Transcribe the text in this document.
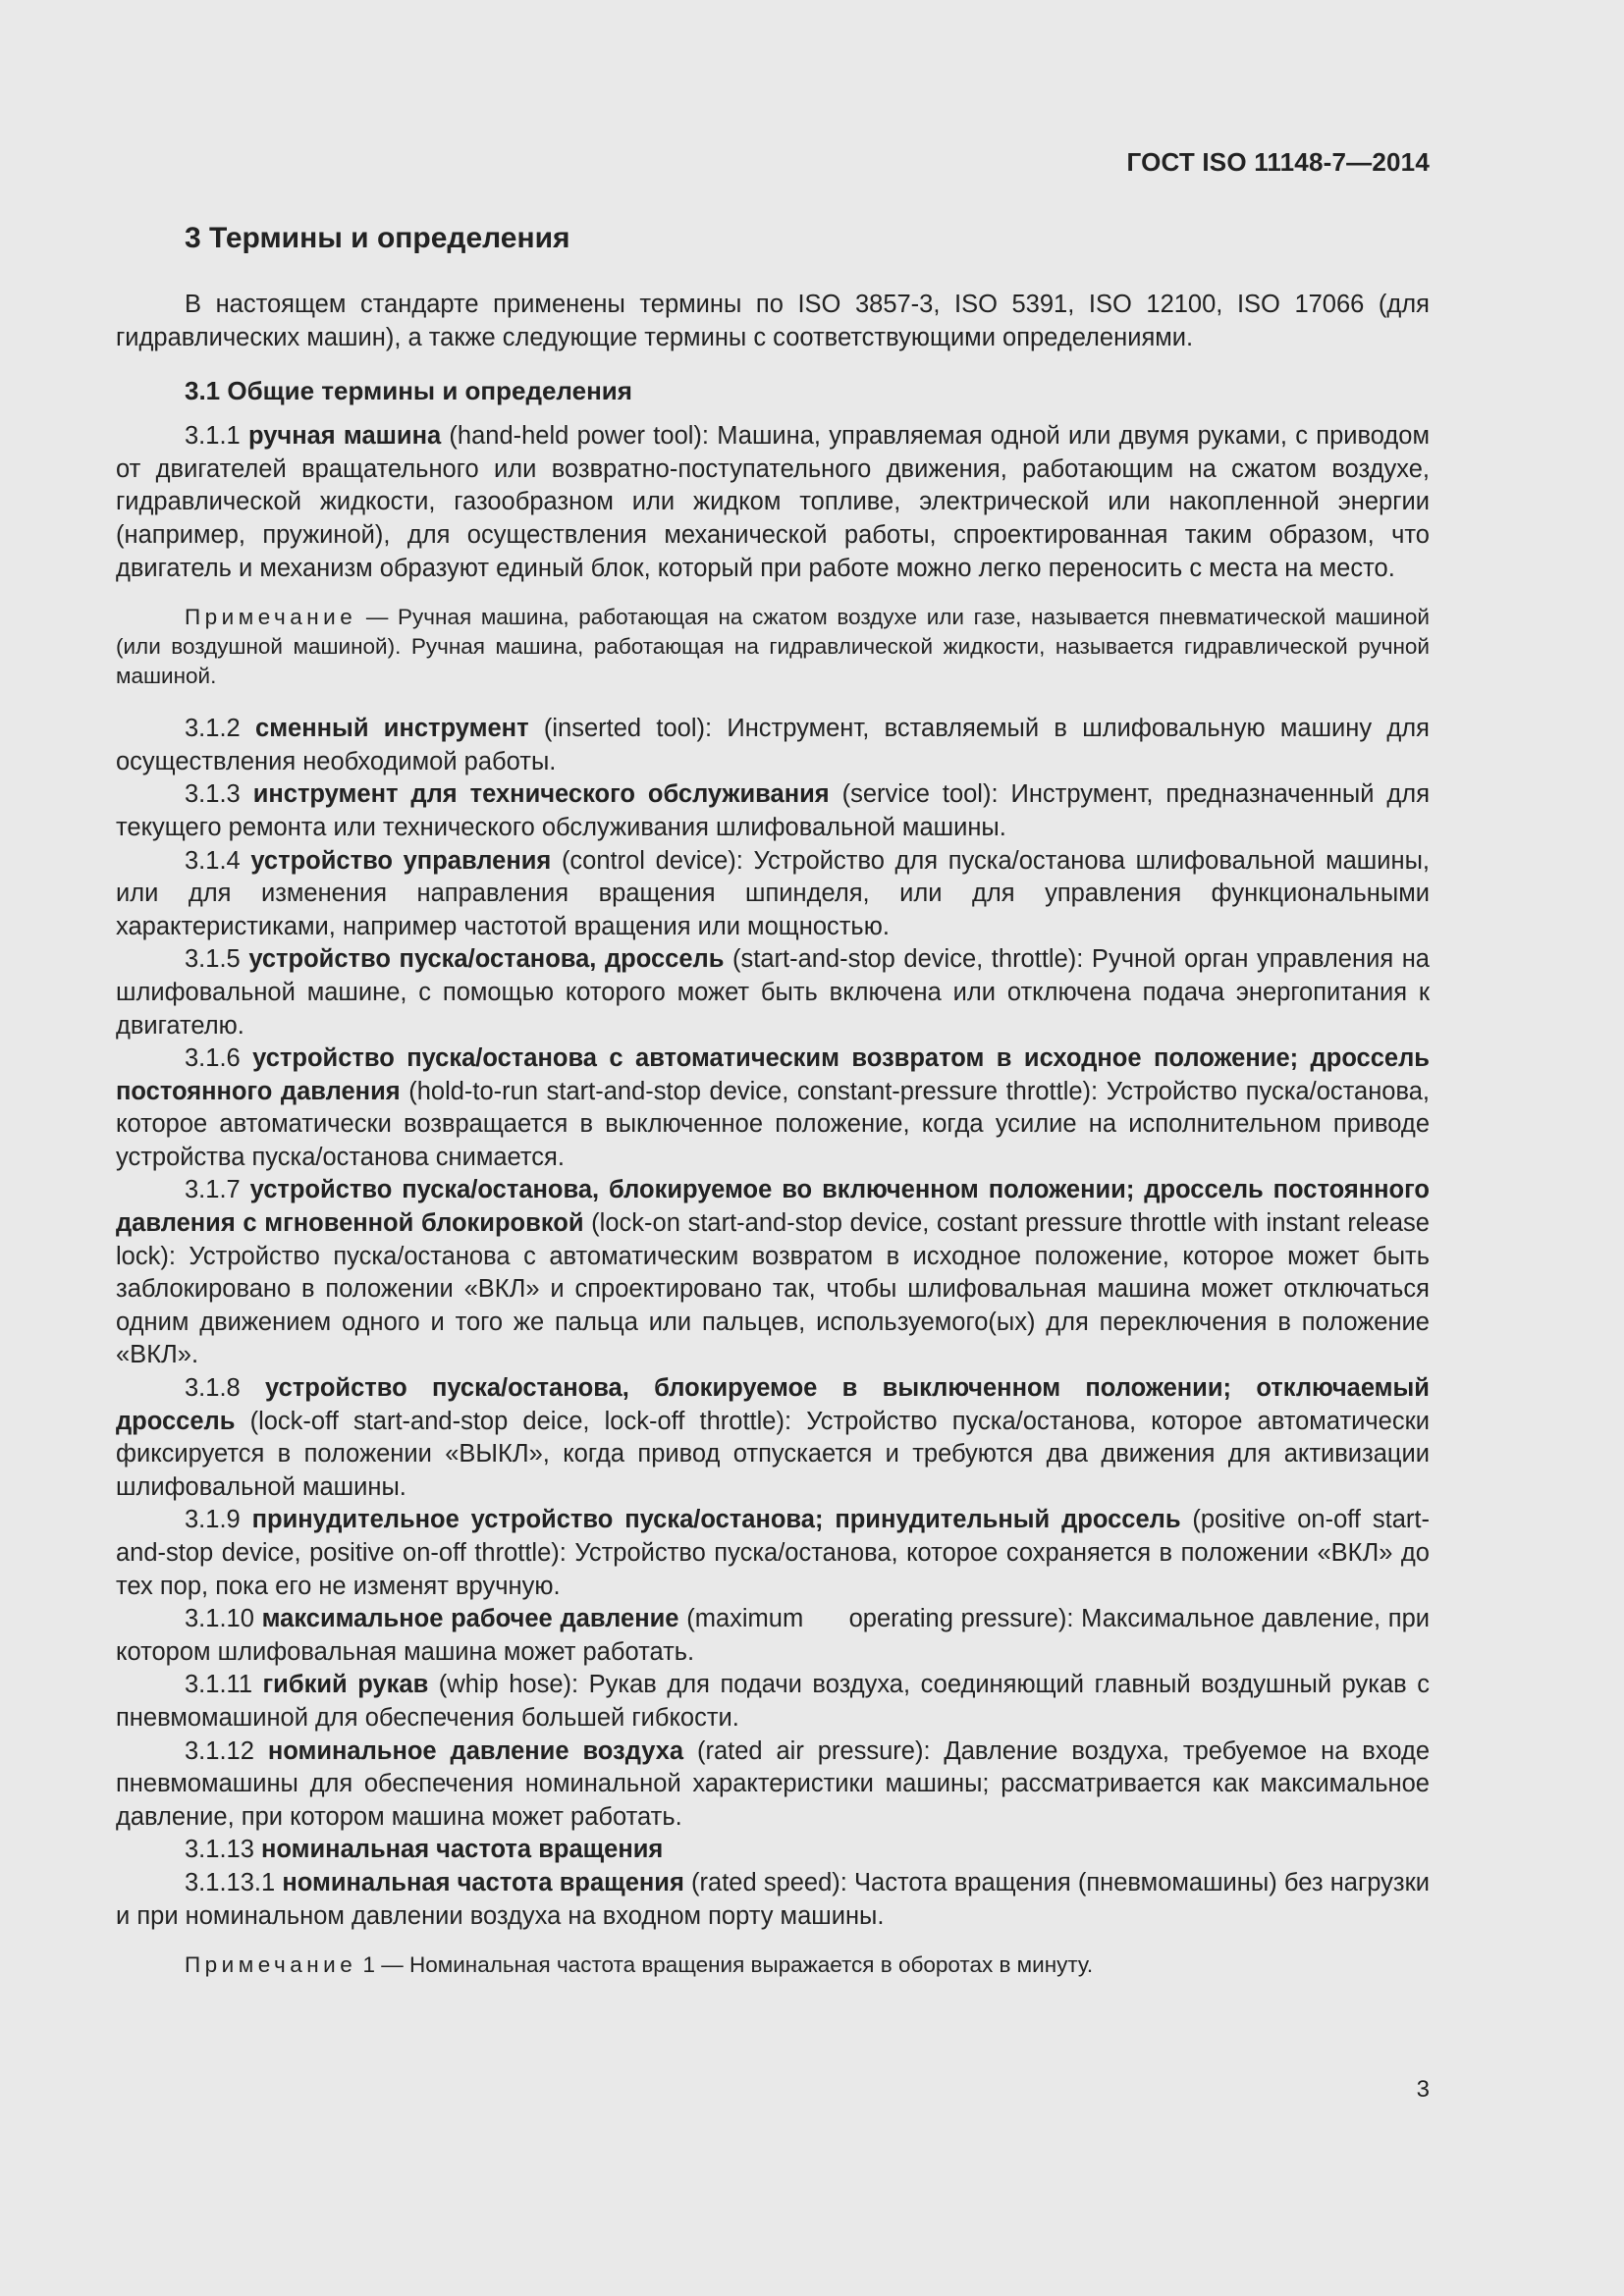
ГОСТ ISO 11148-7—2014
3 Термины и определения

В настоящем стандарте применены термины по ISO 3857-3, ISO 5391, ISO 12100, ISO 17066 (для гидравлических машин), а также следующие термины с соответствующими определениями.

3.1 Общие термины и определения

3.1.1 ручная машина (hand-held power tool): Машина, управляемая одной или двумя руками, с приводом от двигателей вращательного или возвратно-поступательного движения, работающим на сжатом воздухе, гидравлической жидкости, газообразном или жидком топливе, электрической или накопленной энергии (например, пружиной), для осуществления механической работы, спроектированная таким образом, что двигатель и механизм образуют единый блок, который при работе можно легко переносить с места на место.

Примечание — Ручная машина, работающая на сжатом воздухе или газе, называется пневматической машиной (или воздушной машиной). Ручная машина, работающая на гидравлической жидкости, называется гидравлической ручной машиной.

3.1.2 сменный инструмент (inserted tool): Инструмент, вставляемый в шлифовальную машину для осуществления необходимой работы.

3.1.3 инструмент для технического обслуживания (service tool): Инструмент, предназначенный для текущего ремонта или технического обслуживания шлифовальной машины.

3.1.4 устройство управления (control device): Устройство для пуска/останова шлифовальной машины, или для изменения направления вращения шпинделя, или для управления функциональными характеристиками, например частотой вращения или мощностью.

3.1.5 устройство пуска/останова, дроссель (start-and-stop device, throttle): Ручной орган управления на шлифовальной машине, с помощью которого может быть включена или отключена подача энергопитания к двигателю.

3.1.6 устройство пуска/останова с автоматическим возвратом в исходное положение; дроссель постоянного давления (hold-to-run start-and-stop device, constant-pressure throttle): Устройство пуска/останова, которое автоматически возвращается в выключенное положение, когда усилие на исполнительном приводе устройства пуска/останова снимается.

3.1.7 устройство пуска/останова, блокируемое во включенном положении; дроссель постоянного давления с мгновенной блокировкой (lock-on start-and-stop device, costant pressure throttle with instant release lock): Устройство пуска/останова с автоматическим возвратом в исходное положение, которое может быть заблокировано в положении «ВКЛ» и спроектировано так, чтобы шлифовальная машина может отключаться одним движением одного и того же пальца или пальцев, используемого(ых) для переключения в положение «ВКЛ».

3.1.8 устройство пуска/останова, блокируемое в выключенном положении; отключаемый дроссель (lock-off start-and-stop deice, lock-off throttle): Устройство пуска/останова, которое автоматически фиксируется в положении «ВЫКЛ», когда привод отпускается и требуются два движения для активизации шлифовальной машины.

3.1.9 принудительное устройство пуска/останова; принудительный дроссель (positive on-off start-and-stop device, positive on-off throttle): Устройство пуска/останова, которое сохраняется в положении «ВКЛ» до тех пор, пока его не изменят вручную.

3.1.10 максимальное рабочее давление (maximum      operating pressure): Максимальное давление, при котором шлифовальная машина может работать.

3.1.11 гибкий рукав (whip hose): Рукав для подачи воздуха, соединяющий главный воздушный рукав с пневмомашиной для обеспечения большей гибкости.

3.1.12 номинальное давление воздуха (rated air pressure): Давление воздуха, требуемое на входе пневмомашины для обеспечения номинальной характеристики машины; рассматривается как максимальное давление, при котором машина может работать.

3.1.13 номинальная частота вращения

3.1.13.1 номинальная частота вращения (rated speed): Частота вращения (пневмомашины) без нагрузки и при номинальном давлении воздуха на входном порту машины.

Примечание 1 — Номинальная частота вращения выражается в оборотах в минуту.

3
